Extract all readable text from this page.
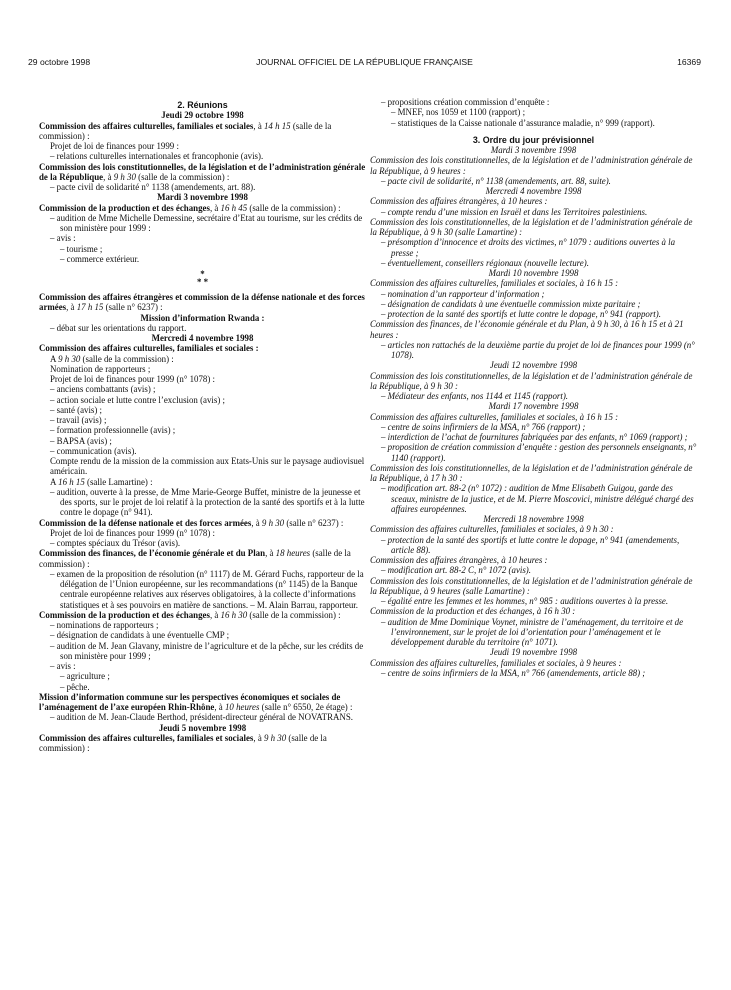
29 octobre 1998	JOURNAL OFFICIEL DE LA RÉPUBLIQUE FRANÇAISE	16369

2. Réunions

Jeudi 29 octobre 1998

Commission des affaires culturelles, familiales et sociales, à 14 h 15 (salle de la commission) :

Projet de loi de finances pour 1999 :

– relations culturelles internationales et francophonie (avis).

Commission des lois constitutionnelles, de la législation et de l’administration générale de la République, à 9 h 30 (salle de la commission) :

– pacte civil de solidarité n° 1138 (amendements, art. 88).

Mardi 3 novembre 1998

Commission de la production et des échanges, à 16 h 45 (salle de la commission) :

– audition de Mme Michelle Demessine, secrétaire d’Etat au tourisme, sur les crédits de son ministère pour 1999 :

– avis :

– tourisme ;

– commerce extérieur.

*
* *

Commission des affaires étrangères et commission de la défense nationale et des forces armées, à 17 h 15 (salle n° 6237) :

Mission d’information Rwanda :

– débat sur les orientations du rapport.

Mercredi 4 novembre 1998

Commission des affaires culturelles, familiales et sociales :

A 9 h 30 (salle de la commission) :

Nomination de rapporteurs ;

Projet de loi de finances pour 1999 (n° 1078) :

– anciens combattants (avis) ;

– action sociale et lutte contre l’exclusion (avis) ;

– santé (avis) ;

– travail (avis) ;

– formation professionnelle (avis) ;

– BAPSA (avis) ;

– communication (avis).

Compte rendu de la mission de la commission aux Etats-Unis sur le paysage audiovisuel américain.

A 16 h 15 (salle Lamartine) :

– audition, ouverte à la presse, de Mme Marie-George Buffet, ministre de la jeunesse et des sports, sur le projet de loi relatif à la protection de la santé des sportifs et à la lutte contre le dopage (n° 941).

Commission de la défense nationale et des forces armées, à 9 h 30 (salle n° 6237) :

Projet de loi de finances pour 1999 (n° 1078) :

– comptes spéciaux du Trésor (avis).

Commission des finances, de l’économie générale et du Plan, à 18 heures (salle de la commission) :

– examen de la proposition de résolution (n° 1117) de M. Gérard Fuchs, rapporteur de la délégation de l’Union européenne, sur les recommandations (n° 1145) de la Banque centrale européenne relatives aux réserves obligatoires, à la collecte d’informations statistiques et à ses pouvoirs en matière de sanctions. – M. Alain Barrau, rapporteur.

Commission de la production et des échanges, à 16 h 30 (salle de la commission) :

– nominations de rapporteurs ;

– désignation de candidats à une éventuelle CMP ;

– audition de M. Jean Glavany, ministre de l’agriculture et de la pêche, sur les crédits de son ministère pour 1999 ;

– avis :

– agriculture ;

– pêche.

Mission d’information commune sur les perspectives économiques et sociales de l’aménagement de l’axe européen Rhin-Rhône, à 10 heures (salle n° 6550, 2e étage) :

– audition de M. Jean-Claude Berthod, président-directeur général de NOVATRANS.

Jeudi 5 novembre 1998

Commission des affaires culturelles, familiales et sociales, à 9 h 30 (salle de la commission) :

– propositions création commission d’enquête :

– MNEF, nos 1059 et 1100 (rapport) ;

– statistiques de la Caisse nationale d’assurance maladie, n° 999 (rapport).

3. Ordre du jour prévisionnel

Mardi 3 novembre 1998

Commission des lois constitutionnelles, de la législation et de l’administration générale de la République, à 9 heures :

– pacte civil de solidarité, n° 1138 (amendements, art. 88, suite).

Mercredi 4 novembre 1998

Commission des affaires étrangères, à 10 heures :

– compte rendu d’une mission en Israël et dans les Territoires palestiniens.

Commission des lois constitutionnelles, de la législation et de l’administration générale de la République, à 9 h 30 (salle Lamartine) :

– présomption d’innocence et droits des victimes, n° 1079 : auditions ouvertes à la presse ;

– éventuellement, conseillers régionaux (nouvelle lecture).

Mardi 10 novembre 1998

Commission des affaires culturelles, familiales et sociales, à 16 h 15 :

– nomination d’un rapporteur d’information ;

– désignation de candidats à une éventuelle commission mixte paritaire ;

– protection de la santé des sportifs et lutte contre le dopage, n° 941 (rapport).

Commission des finances, de l’économie générale et du Plan, à 9 h 30, à 16 h 15 et à 21 heures :

– articles non rattachés de la deuxième partie du projet de loi de finances pour 1999 (n° 1078).

Jeudi 12 novembre 1998

Commission des lois constitutionnelles, de la législation et de l’administration générale de la République, à 9 h 30 :

– Médiateur des enfants, nos 1144 et 1145 (rapport).

Mardi 17 novembre 1998

Commission des affaires culturelles, familiales et sociales, à 16 h 15 :

– centre de soins infirmiers de la MSA, n° 766 (rapport) ;

– interdiction de l’achat de fournitures fabriquées par des enfants, n° 1069 (rapport) ;

– proposition de création commission d’enquête : gestion des personnels enseignants, n° 1140 (rapport).

Commission des lois constitutionnelles, de la législation et de l’administration générale de la République, à 17 h 30 :

– modification art. 88-2 (n° 1072) : audition de Mme Elisabeth Guigou, garde des sceaux, ministre de la justice, et de M. Pierre Moscovici, ministre délégué chargé des affaires européennes.

Mercredi 18 novembre 1998

Commission des affaires culturelles, familiales et sociales, à 9 h 30 :

– protection de la santé des sportifs et lutte contre le dopage, n° 941 (amendements, article 88).

Commission des affaires étrangères, à 10 heures :

– modification art. 88-2 C, n° 1072 (avis).

Commission des lois constitutionnelles, de la législation et de l’administration générale de la République, à 9 heures (salle Lamartine) :

– égalité entre les femmes et les hommes, n° 985 : auditions ouvertes à la presse.

Commission de la production et des échanges, à 16 h 30 :

– audition de Mme Dominique Voynet, ministre de l’aménagement, du territoire et de l’environnement, sur le projet de loi d’orientation pour l’aménagement et le développement durable du territoire (n° 1071).

Jeudi 19 novembre 1998

Commission des affaires culturelles, familiales et sociales, à 9 heures :

– centre de soins infirmiers de la MSA, n° 766 (amendements, article 88) ;
